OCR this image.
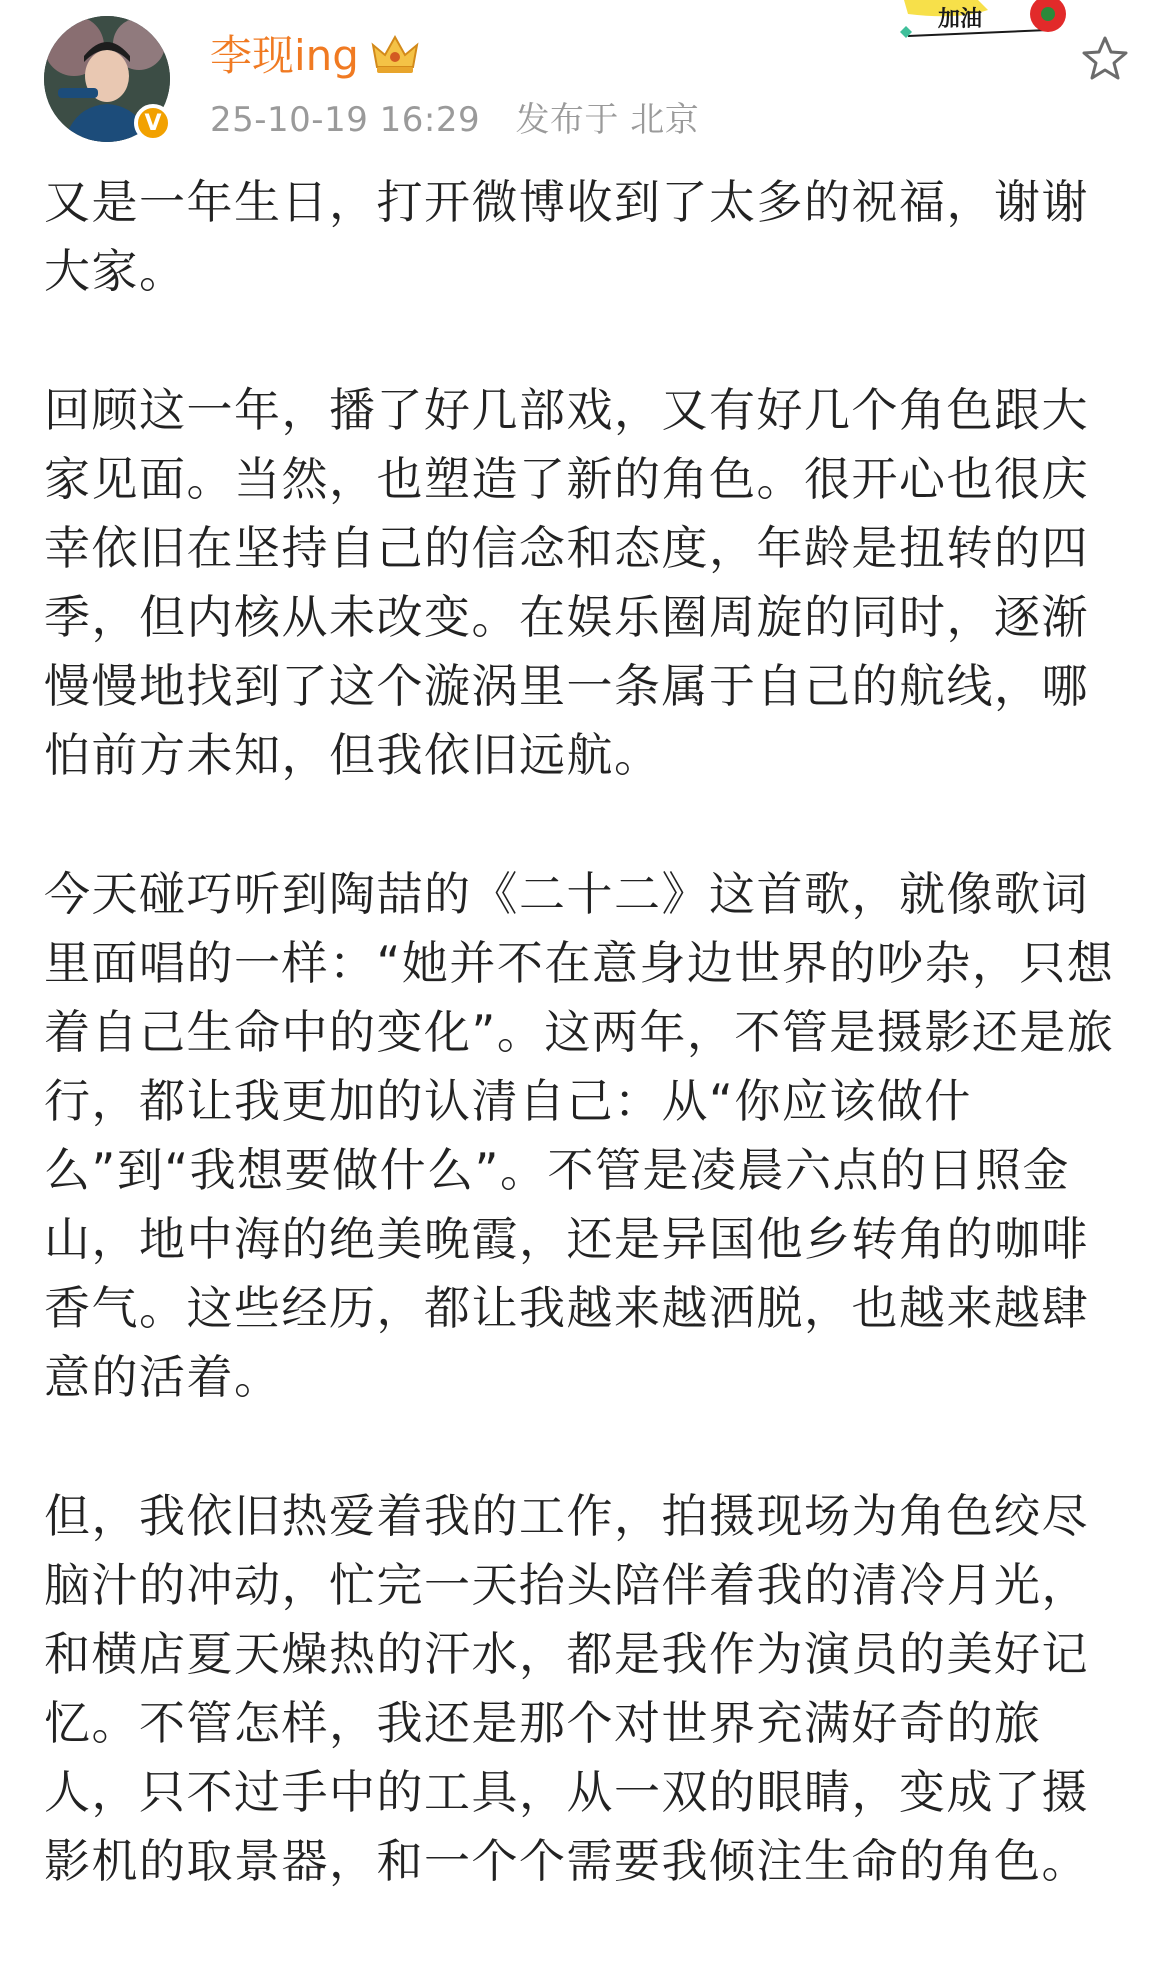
V
李现ing
25-10-19 16:29 发布于 北京
加油

又是一年生日，打开微博收到了太多的祝福，谢谢大家。

回顾这一年，播了好几部戏，又有好几个角色跟大家见面。当然，也塑造了新的角色。很开心也很庆幸依旧在坚持自己的信念和态度，年龄是扭转的四季，但内核从未改变。在娱乐圈周旋的同时，逐渐慢慢地找到了这个漩涡里一条属于自己的航线，哪怕前方未知，但我依旧远航。

今天碰巧听到陶喆的《二十二》这首歌，就像歌词里面唱的一样：“她并不在意身边世界的吵杂，只想着自己生命中的变化”。这两年，不管是摄影还是旅行，都让我更加的认清自己：从“你应该做什么”到“我想要做什么”。不管是凌晨六点的日照金山，地中海的绝美晚霞，还是异国他乡转角的咖啡香气。这些经历，都让我越来越洒脱，也越来越肆意的活着。

但，我依旧热爱着我的工作，拍摄现场为角色绞尽脑汁的冲动，忙完一天抬头陪伴着我的清冷月光，和横店夏天燥热的汗水，都是我作为演员的美好记忆。不管怎样，我还是那个对世界充满好奇的旅人，只不过手中的工具，从一双的眼睛，变成了摄影机的取景器，和一个个需要我倾注生命的角色。
